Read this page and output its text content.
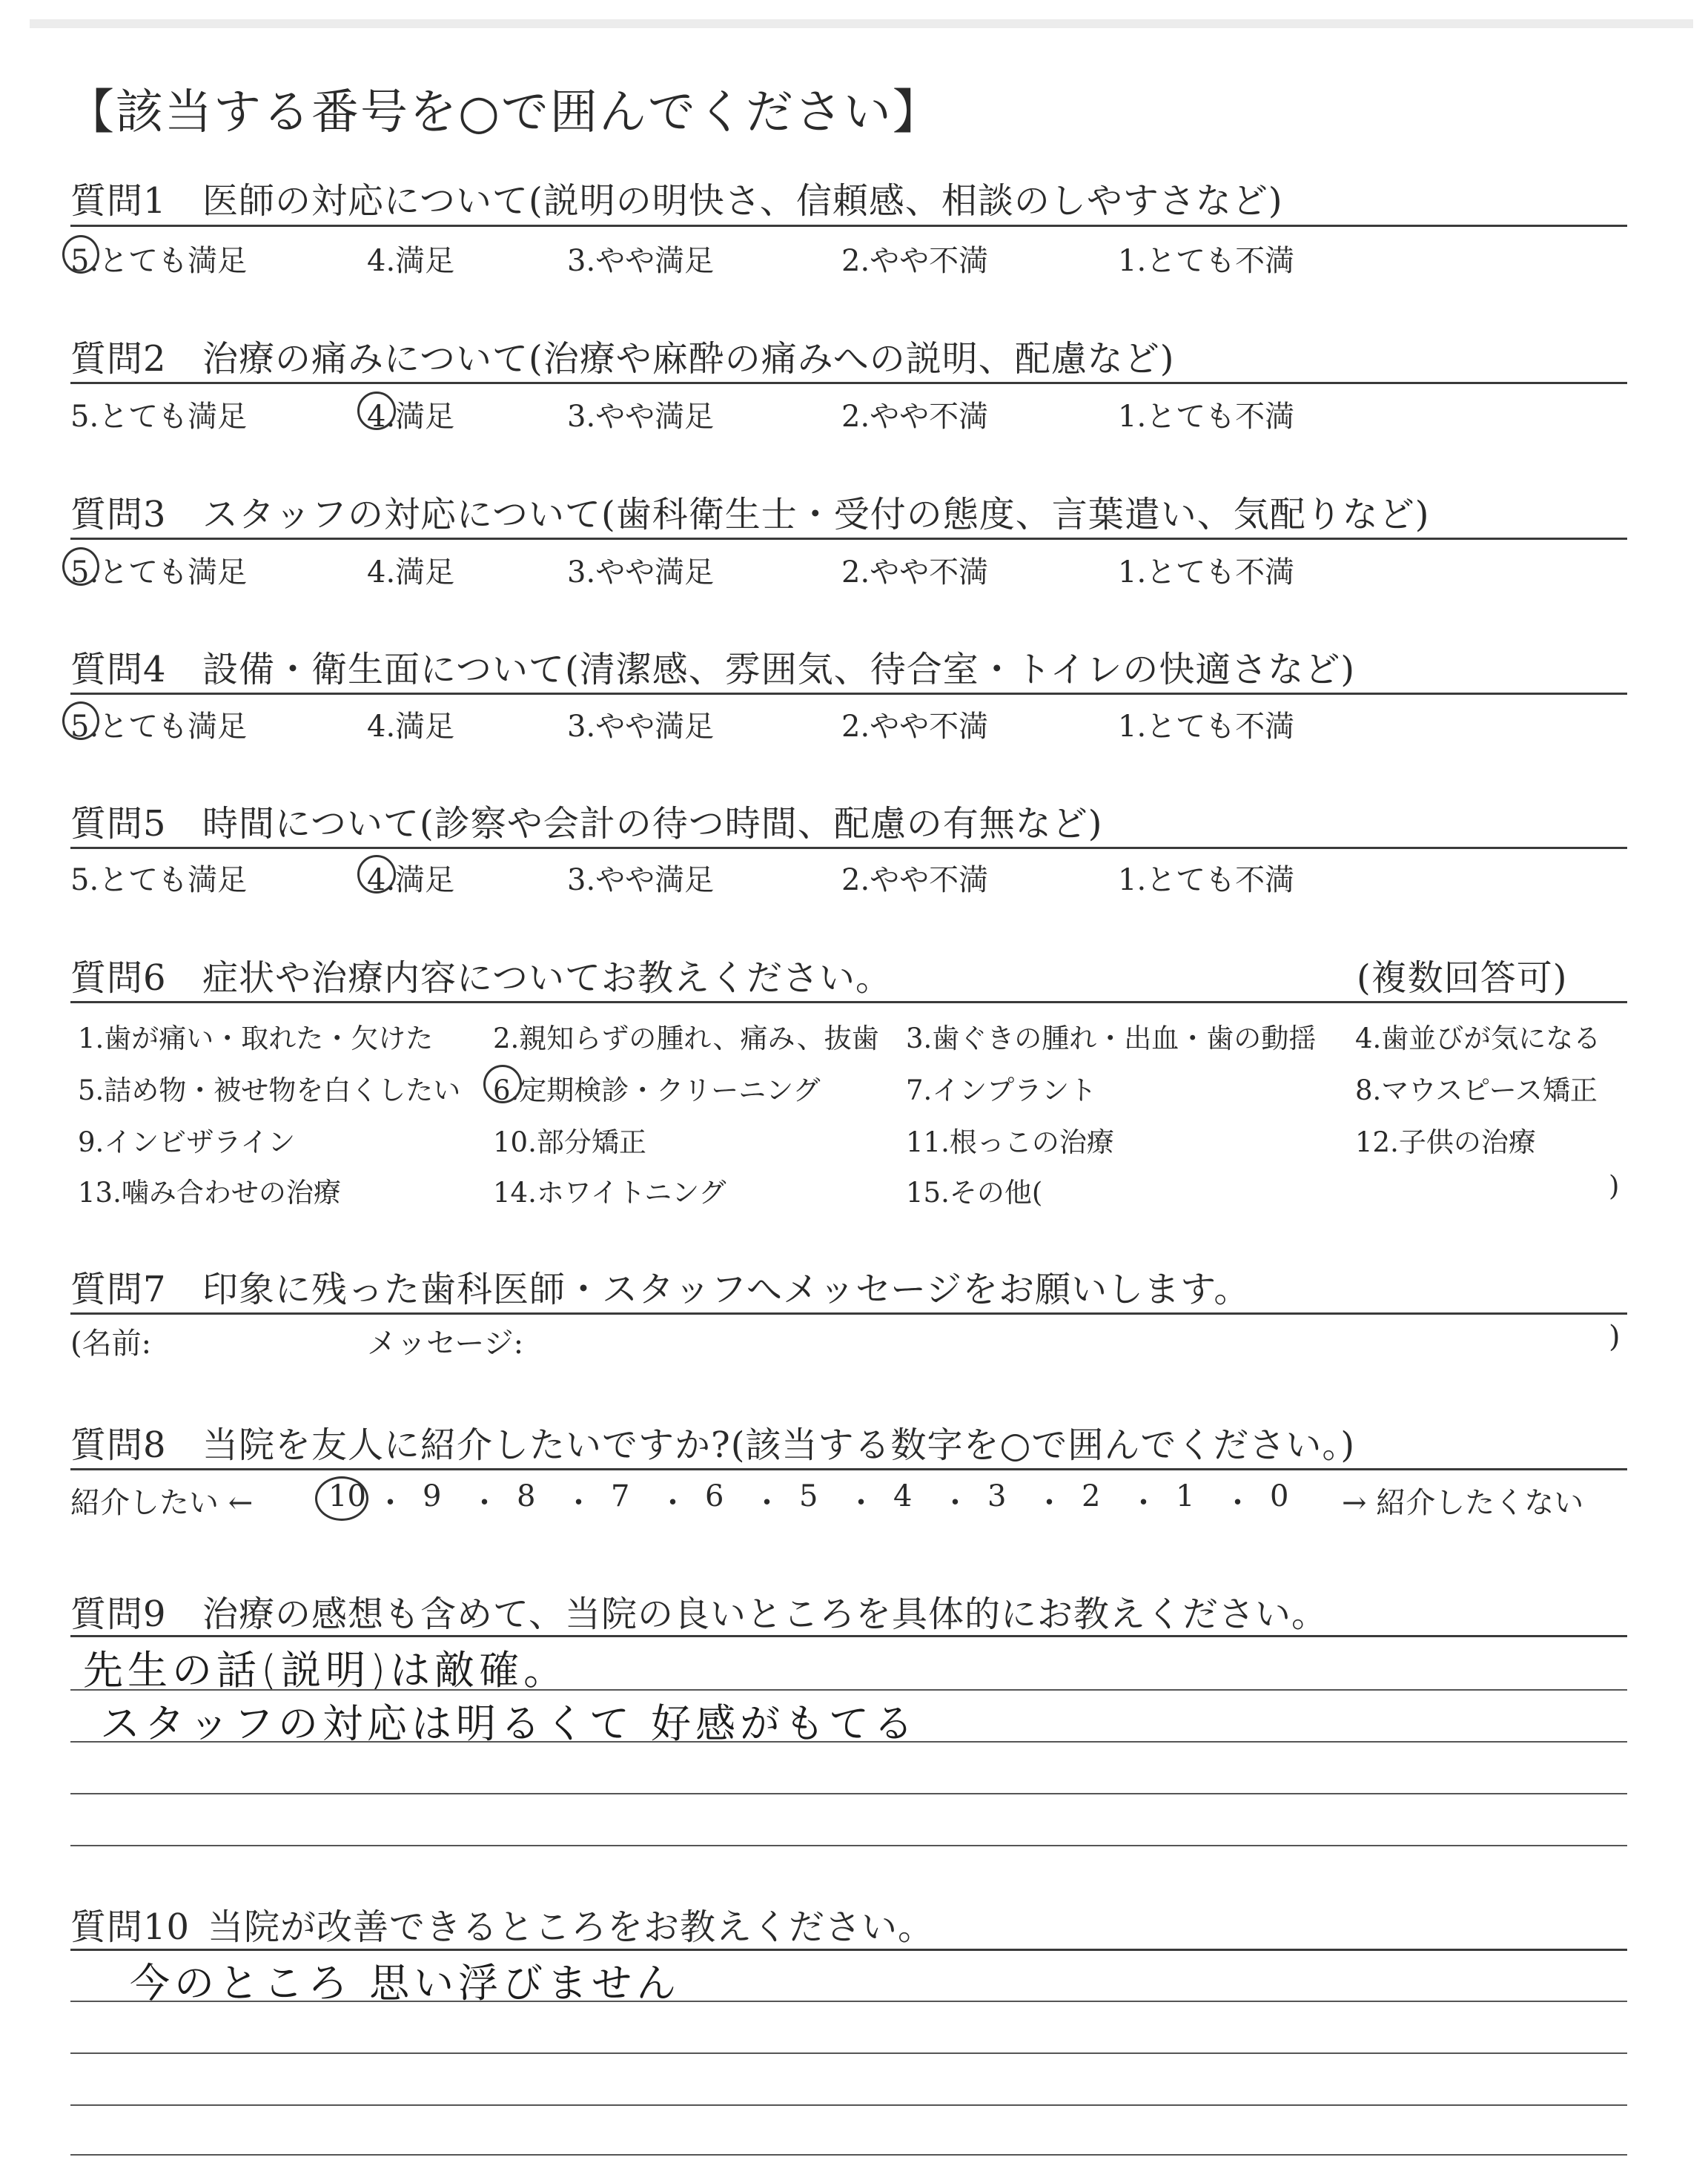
【該当する番号を○で囲んでください】
質問1 医師の対応について(説明の明快さ、信頼感、相談のしやすさなど)
5.とても満足	4.満足	3.やや満足	2.やや不満	1.とても不満
質問2 治療の痛みについて(治療や麻酔の痛みへの説明、配慮など)
5.とても満足	4.満足	3.やや満足	2.やや不満	1.とても不満
質問3 スタッフの対応について(歯科衛生士・受付の態度、言葉遣い、気配りなど)
5.とても満足	4.満足	3.やや満足	2.やや不満	1.とても不満
質問4 設備・衛生面について(清潔感、雰囲気、待合室・トイレの快適さなど)
5.とても満足	4.満足	3.やや満足	2.やや不満	1.とても不満
質問5 時間について(診察や会計の待つ時間、配慮の有無など)
5.とても満足	4.満足	3.やや満足	2.やや不満	1.とても不満
質問6 症状や治療内容についてお教えください。	(複数回答可)
1.歯が痛い・取れた・欠けた 2.親知らずの腫れ、痛み、抜歯 3.歯ぐきの腫れ・出血・歯の動揺 4.歯並びが気になる
5.詰め物・被せ物を白くしたい 6.定期検診・クリーニング	7.インプラント	8.マウスピース矯正
9.インビザライン	10.部分矯正	11.根っこの治療	12.子供の治療
13.噛み合わせの治療	14.ホワイトニング	15.その他(	)
質問7 印象に残った歯科医師・スタッフへメッセージをお願いします。
(名前:	メッセージ:	)
質問8 当院を友人に紹介したいですか?(該当する数字を○で囲んでください。)
紹介したい ←	→ 紹介したくない
10 ・ 9 ・ 8 ・ 7 ・ 6 ・ 5 ・ 4 ・ 3 ・ 2 ・ 1 ・ 0
質問9 治療の感想も含めて、当院の良いところを具体的にお教えください。
先生の話(説明)は敵確。
スタッフの対応は明るくて 好感がもてる
質問10 当院が改善できるところをお教えください。
今のところ 思い浮びません
